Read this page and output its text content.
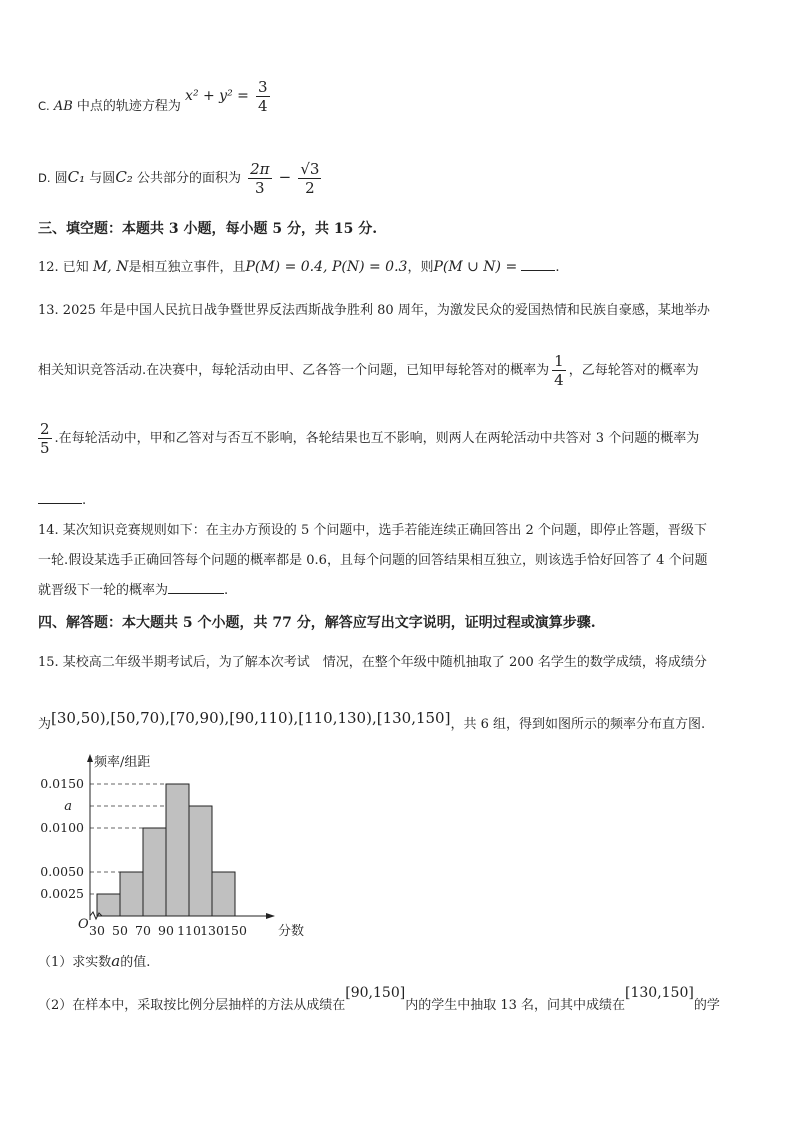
C. AB 中点的轨迹方程为 $x^2 + y^2 = \frac{3}{4}$
D. 圆C₁ 与圆C₂ 公共部分的面积为 $\frac{2\pi}{3} - \frac{√3}{2}$
三、填空题：本题共 3 小题，每小题 5 分，共 15 分.
12. 已知 M, N是相互独立事件，且P(M) = 0.4, P(N) = 0.3，则P(M ∪ N) =	.
13. 2025 年是中国人民抗日战争暨世界反法西斯战争胜利 80 周年，为激发民众的爱国热情和民族自豪感，某地举办
相关知识竞答活动.在决赛中，每轮活动由甲、乙各答一个问题，已知甲每轮答对的概率为 $\frac{1}{4}$ ，乙每轮答对的概率为
$\frac{2}{5}$ .在每轮活动中，甲和乙答对与否互不影响，各轮结果也互不影响，则两人在两轮活动中共答对 3 个问题的概率为
.
14. 某次知识竞赛规则如下：在主办方预设的 5 个问题中，选手若能连续正确回答出 2 个问题，即停止答题，晋级下
一轮.假设某选手正确回答每个问题的概率都是 0.6，且每个问题的回答结果相互独立，则该选手恰好回答了 4 个问题
就晋级下一轮的概率为	.
四、解答题：本大题共 5 个小题，共 77 分，解答应写出文字说明，证明过程或演算步骤.
15. 某校高二年级半期考试后，为了解本次考试　情况，在整个年级中随机抽取了 200 名学生的数学成绩，将成绩分
为[30,50),[50,70),[70,90),[90,110),[110,130),[130,150]，共 6 组，得到如图所示的频率分布直方图.
0.0150
a
0.0100
0.0050
0.0025
30 50 70 90 110 130 150
O
频率/组距
分数
（1）求实数a的值.
（2）在样本中，采取按比例分层抽样的方法从成绩在[90,150]内的学生中抽取 13 名，问其中成绩在[130,150]的学
